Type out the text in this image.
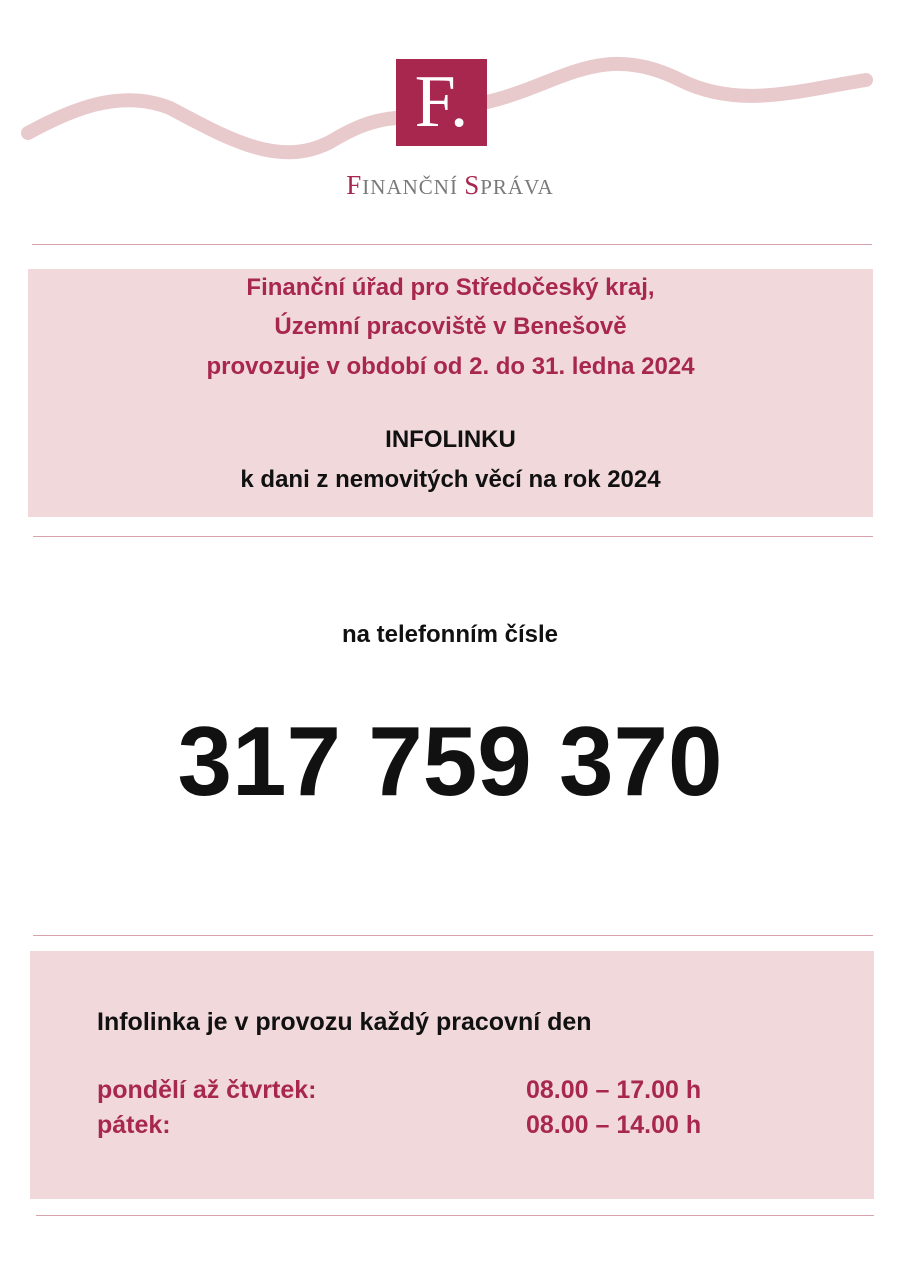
F.
FINANČNÍ SPRÁVA
Finanční úřad pro Středočeský kraj,
Územní pracoviště v Benešově
provozuje v období od 2. do 31. ledna 2024
INFOLINKU
k dani z nemovitých věcí na rok 2024
na telefonním čísle
317 759 370
Infolinka je v provozu každý pracovní den
pondělí až čtvrtek:	08.00 – 17.00 h
pátek:	08.00 – 14.00 h
